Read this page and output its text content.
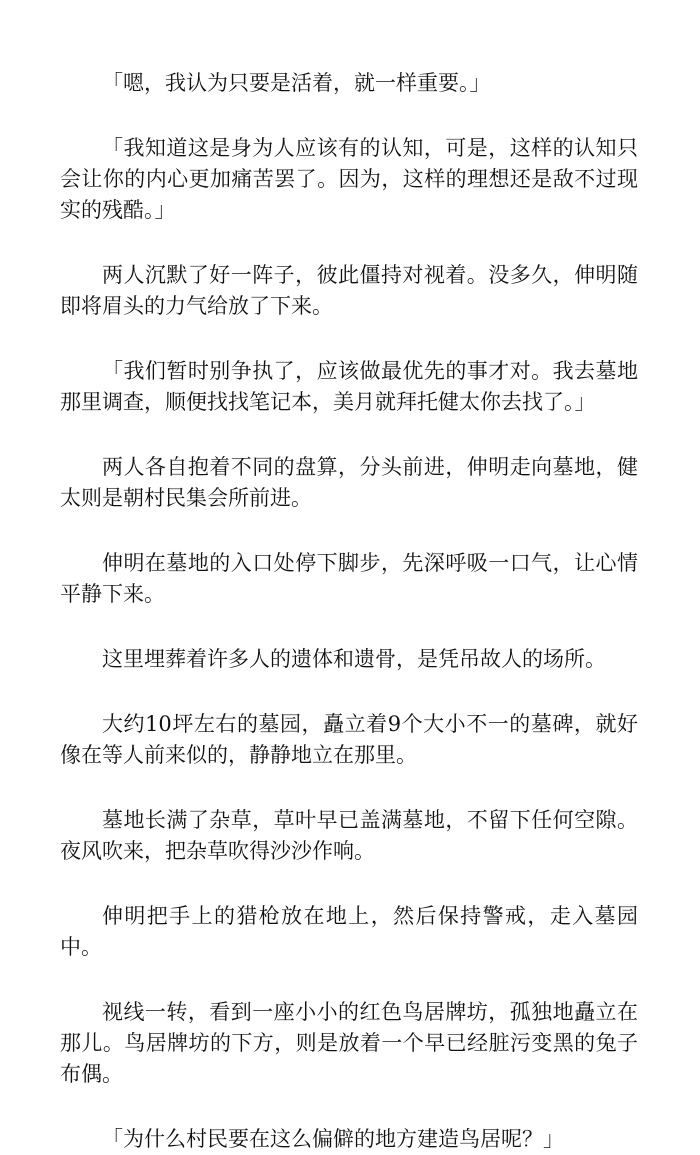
「嗯，我认为只要是活着，就一样重要。」

「我知道这是身为人应该有的认知，可是，这样的认知只会让你的内心更加痛苦罢了。因为，这样的理想还是敌不过现实的残酷。」

两人沉默了好一阵子，彼此僵持对视着。没多久，伸明随即将眉头的力气给放了下来。

「我们暂时别争执了，应该做最优先的事才对。我去墓地那里调查，顺便找找笔记本，美月就拜托健太你去找了。」

两人各自抱着不同的盘算，分头前进，伸明走向墓地，健太则是朝村民集会所前进。

伸明在墓地的入口处停下脚步，先深呼吸一口气，让心情平静下来。

这里埋葬着许多人的遗体和遗骨，是凭吊故人的场所。

大约10坪左右的墓园，矗立着9个大小不一的墓碑，就好像在等人前来似的，静静地立在那里。

墓地长满了杂草，草叶早已盖满墓地，不留下任何空隙。夜风吹来，把杂草吹得沙沙作响。

伸明把手上的猎枪放在地上，然后保持警戒，走入墓园中。

视线一转，看到一座小小的红色鸟居牌坊，孤独地矗立在那儿。鸟居牌坊的下方，则是放着一个早已经脏污变黑的兔子布偶。

「为什么村民要在这么偏僻的地方建造鸟居呢？」
